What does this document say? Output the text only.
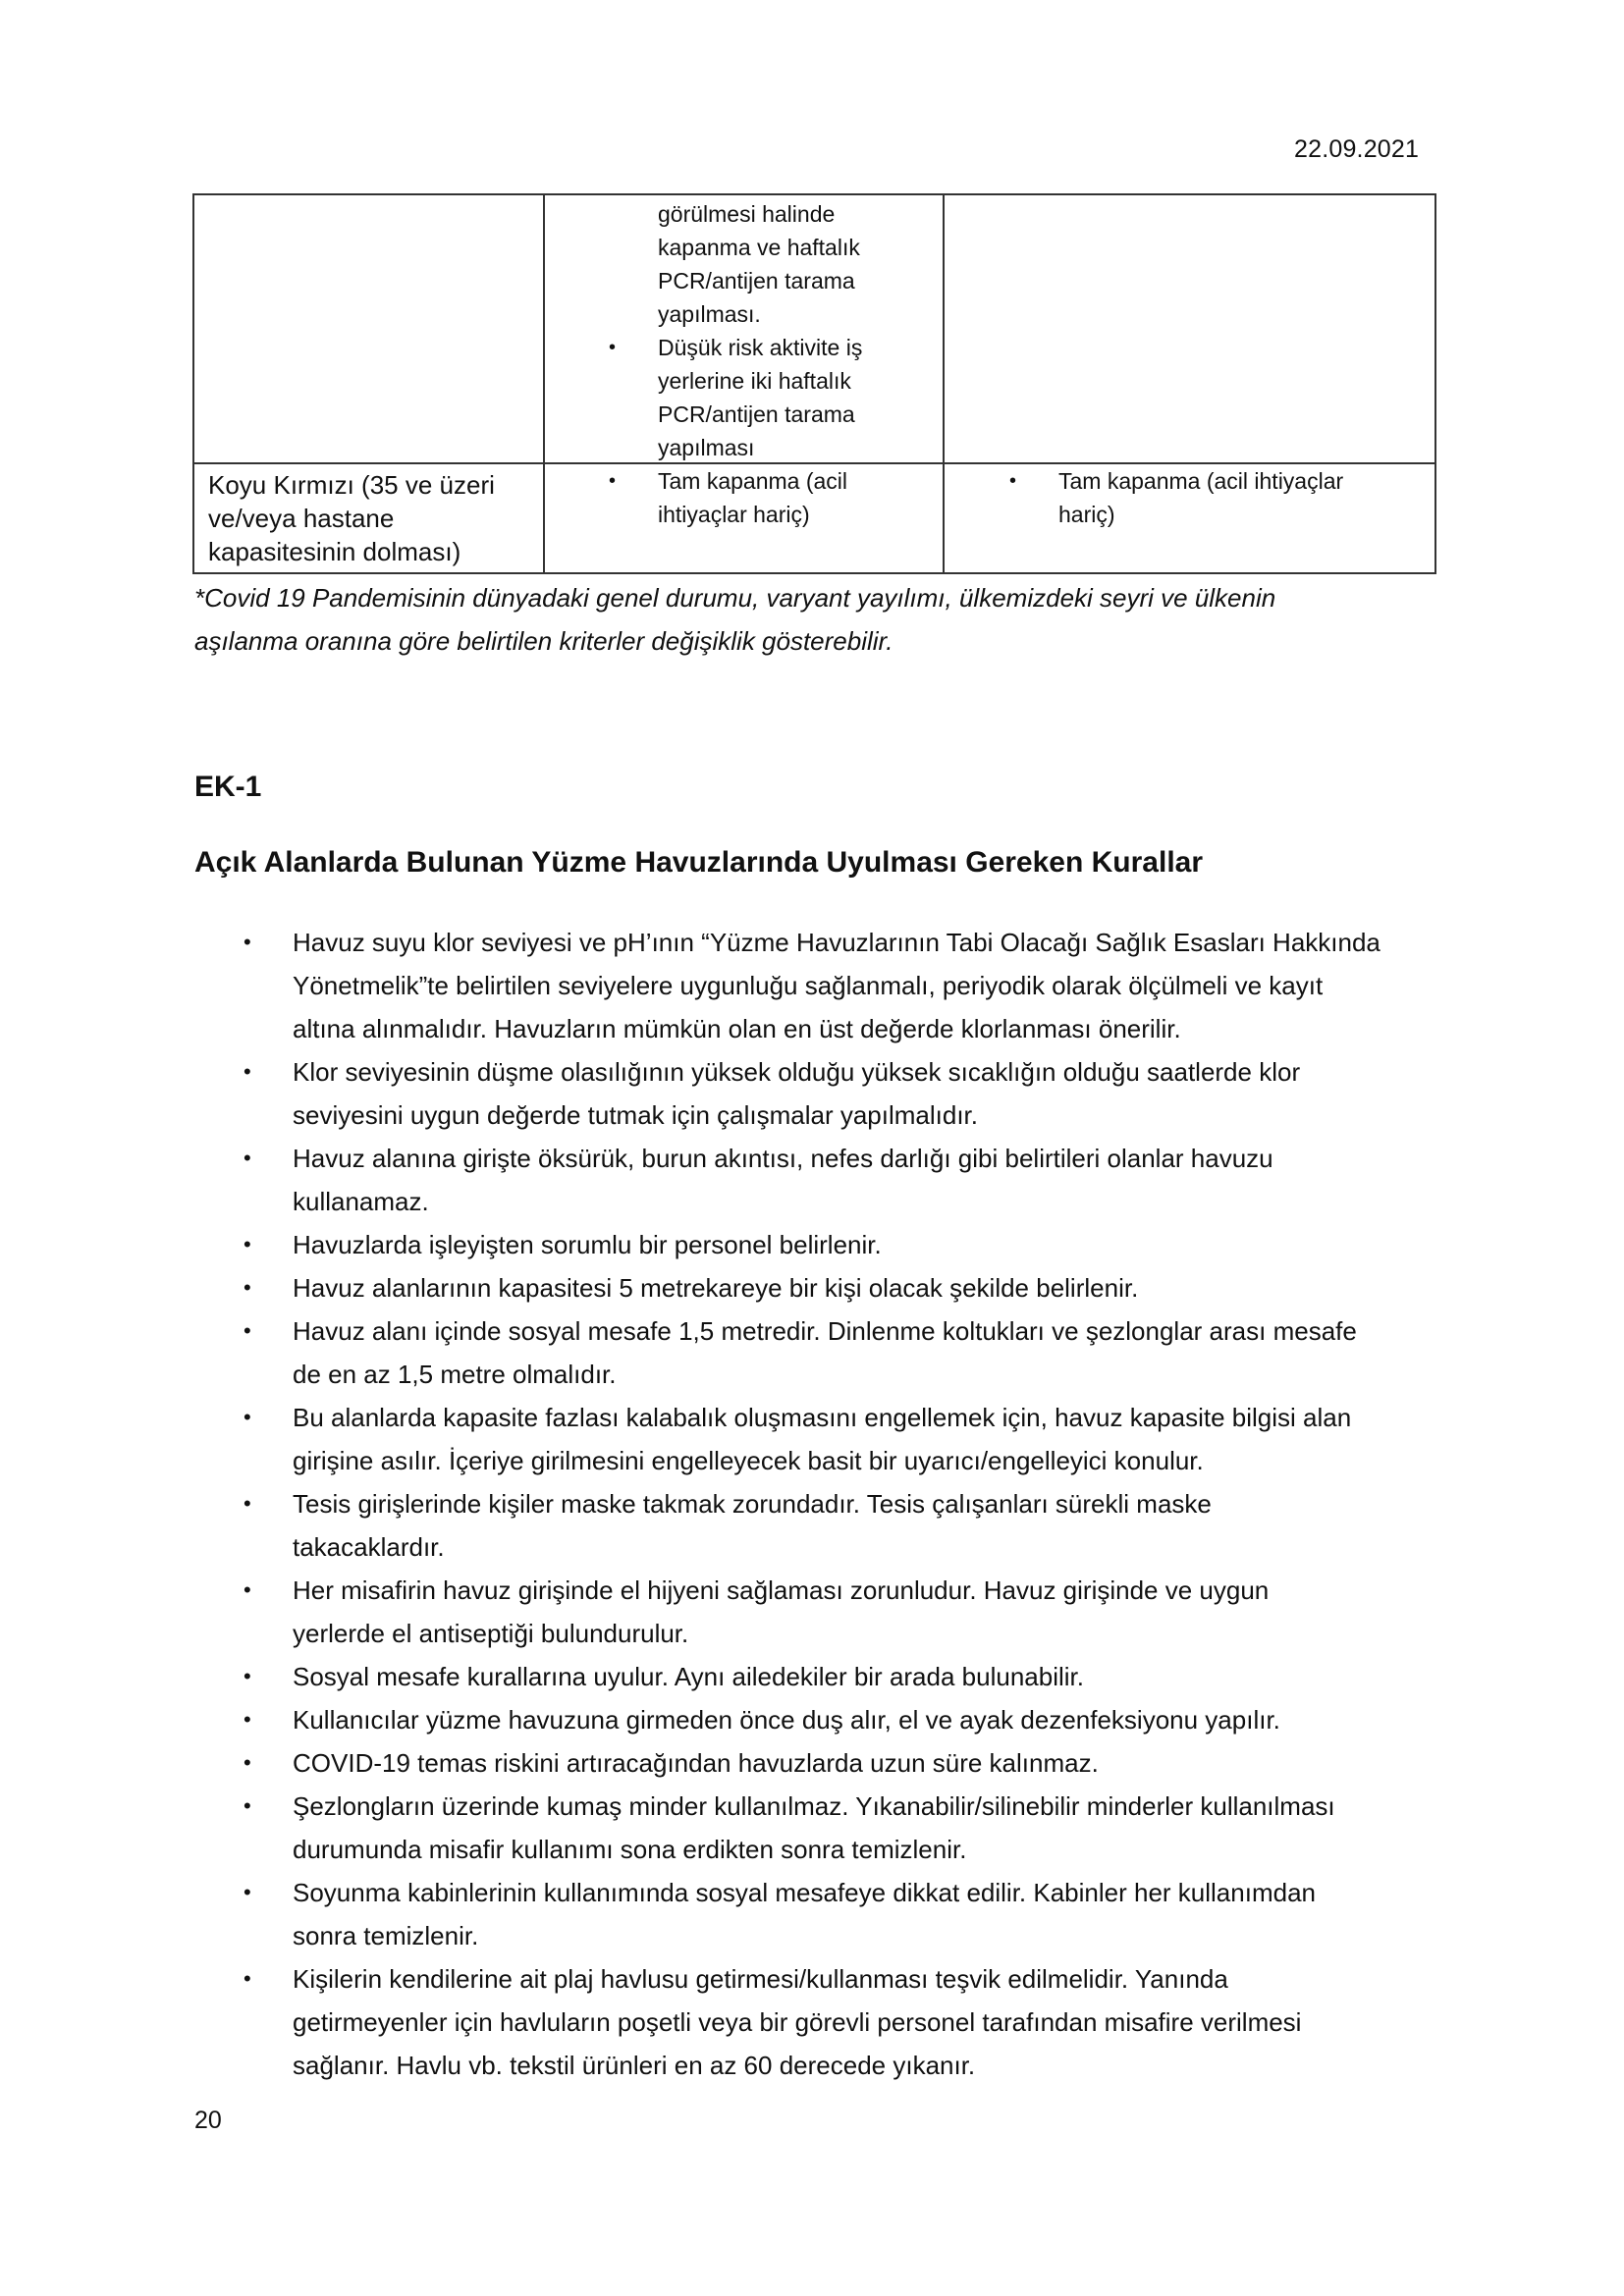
22.09.2021
görülmesi halinde
kapanma ve haftalık
PCR/antijen tarama
yapılması.
• Düşük risk aktivite iş
yerlerine iki haftalık
PCR/antijen tarama
yapılması
Koyu Kırmızı (35 ve üzeri
ve/veya hastane
kapasitesinin dolması)
• Tam kapanma (acil
ihtiyaçlar hariç)
• Tam kapanma (acil ihtiyaçlar
hariç)
*Covid 19 Pandemisinin dünyadaki genel durumu, varyant yayılımı, ülkemizdeki seyri ve ülkenin
aşılanma oranına göre belirtilen kriterler değişiklik gösterebilir.
EK-1
Açık Alanlarda Bulunan Yüzme Havuzlarında Uyulması Gereken Kurallar
• Havuz suyu klor seviyesi ve pH’ının “Yüzme Havuzlarının Tabi Olacağı Sağlık Esasları Hakkında
Yönetmelik”te belirtilen seviyelere uygunluğu sağlanmalı, periyodik olarak ölçülmeli ve kayıt
altına alınmalıdır. Havuzların mümkün olan en üst değerde klorlanması önerilir.
• Klor seviyesinin düşme olasılığının yüksek olduğu yüksek sıcaklığın olduğu saatlerde klor
seviyesini uygun değerde tutmak için çalışmalar yapılmalıdır.
• Havuz alanına girişte öksürük, burun akıntısı, nefes darlığı gibi belirtileri olanlar havuzu
kullanamaz.
• Havuzlarda işleyişten sorumlu bir personel belirlenir.
• Havuz alanlarının kapasitesi 5 metrekareye bir kişi olacak şekilde belirlenir.
• Havuz alanı içinde sosyal mesafe 1,5 metredir. Dinlenme koltukları ve şezlonglar arası mesafe
de en az 1,5 metre olmalıdır.
• Bu alanlarda kapasite fazlası kalabalık oluşmasını engellemek için, havuz kapasite bilgisi alan
girişine asılır. İçeriye girilmesini engelleyecek basit bir uyarıcı/engelleyici konulur.
• Tesis girişlerinde kişiler maske takmak zorundadır. Tesis çalışanları sürekli maske
takacaklardır.
• Her misafirin havuz girişinde el hijyeni sağlaması zorunludur. Havuz girişinde ve uygun
yerlerde el antiseptiği bulundurulur.
• Sosyal mesafe kurallarına uyulur. Aynı ailedekiler bir arada bulunabilir.
• Kullanıcılar yüzme havuzuna girmeden önce duş alır, el ve ayak dezenfeksiyonu yapılır.
• COVID-19 temas riskini artıracağından havuzlarda uzun süre kalınmaz.
• Şezlongların üzerinde kumaş minder kullanılmaz. Yıkanabilir/silinebilir minderler kullanılması
durumunda misafir kullanımı sona erdikten sonra temizlenir.
• Soyunma kabinlerinin kullanımında sosyal mesafeye dikkat edilir. Kabinler her kullanımdan
sonra temizlenir.
• Kişilerin kendilerine ait plaj havlusu getirmesi/kullanması teşvik edilmelidir. Yanında
getirmeyenler için havluların poşetli veya bir görevli personel tarafından misafire verilmesi
sağlanır. Havlu vb. tekstil ürünleri en az 60 derecede yıkanır.
20
